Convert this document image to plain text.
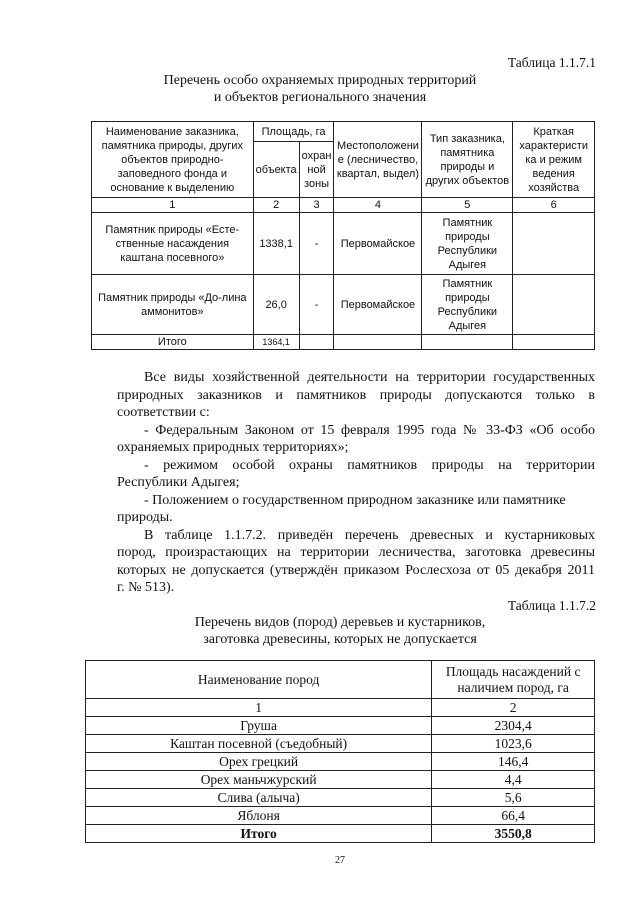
Таблица 1.1.7.1
Перечень особо охраняемых природных территорий
и объектов регионального значения
Наименование заказника, памятника природы, других объектов природно-заповедного фонда и основание к выделению	Площадь, га		Местоположени е (лесничество, квартал, выдел)	Тип заказника, памятника природы и других объектов	Краткая характеристи ка и режим ведения хозяйства
	объекта	охран ной зоны			
1	2	3	4	5	6
Памятник природы «Есте-ственные насаждения каштана посевного»	1338,1	-	Первомайское	Памятник природы Республики Адыгея	
Памятник природы «До-лина аммонитов»	26,0	-	Первомайское	Памятник природы Республики Адыгея	
Итого	1364,1				
Все виды хозяйственной деятельности на территории государственных
природных заказников и памятников природы допускаются только в
соответствии с:
- Федеральным Законом от 15 февраля 1995 года № 33-ФЗ «Об особо
охраняемых природных территориях»;
- режимом особой охраны памятников природы на территории
Республики Адыгея;
- Положением о государственном природном заказнике или памятнике
природы.
В таблице 1.1.7.2. приведён перечень древесных и кустарниковых
пород, произрастающих на территории лесничества, заготовка древесины
которых не допускается (утверждён приказом Рослесхоза от 05 декабря 2011
г. № 513).
Таблица 1.1.7.2
Перечень видов (пород) деревьев и кустарников,
заготовка древесины, которых не допускается
Наименование пород	Площадь насаждений с наличием пород, га
1	2
Груша	2304,4
Каштан посевной (съедобный)	1023,6
Орех грецкий	146,4
Орех маньчжурский	4,4
Слива (алыча)	5,6
Яблоня	66,4
Итого	3550,8
27
